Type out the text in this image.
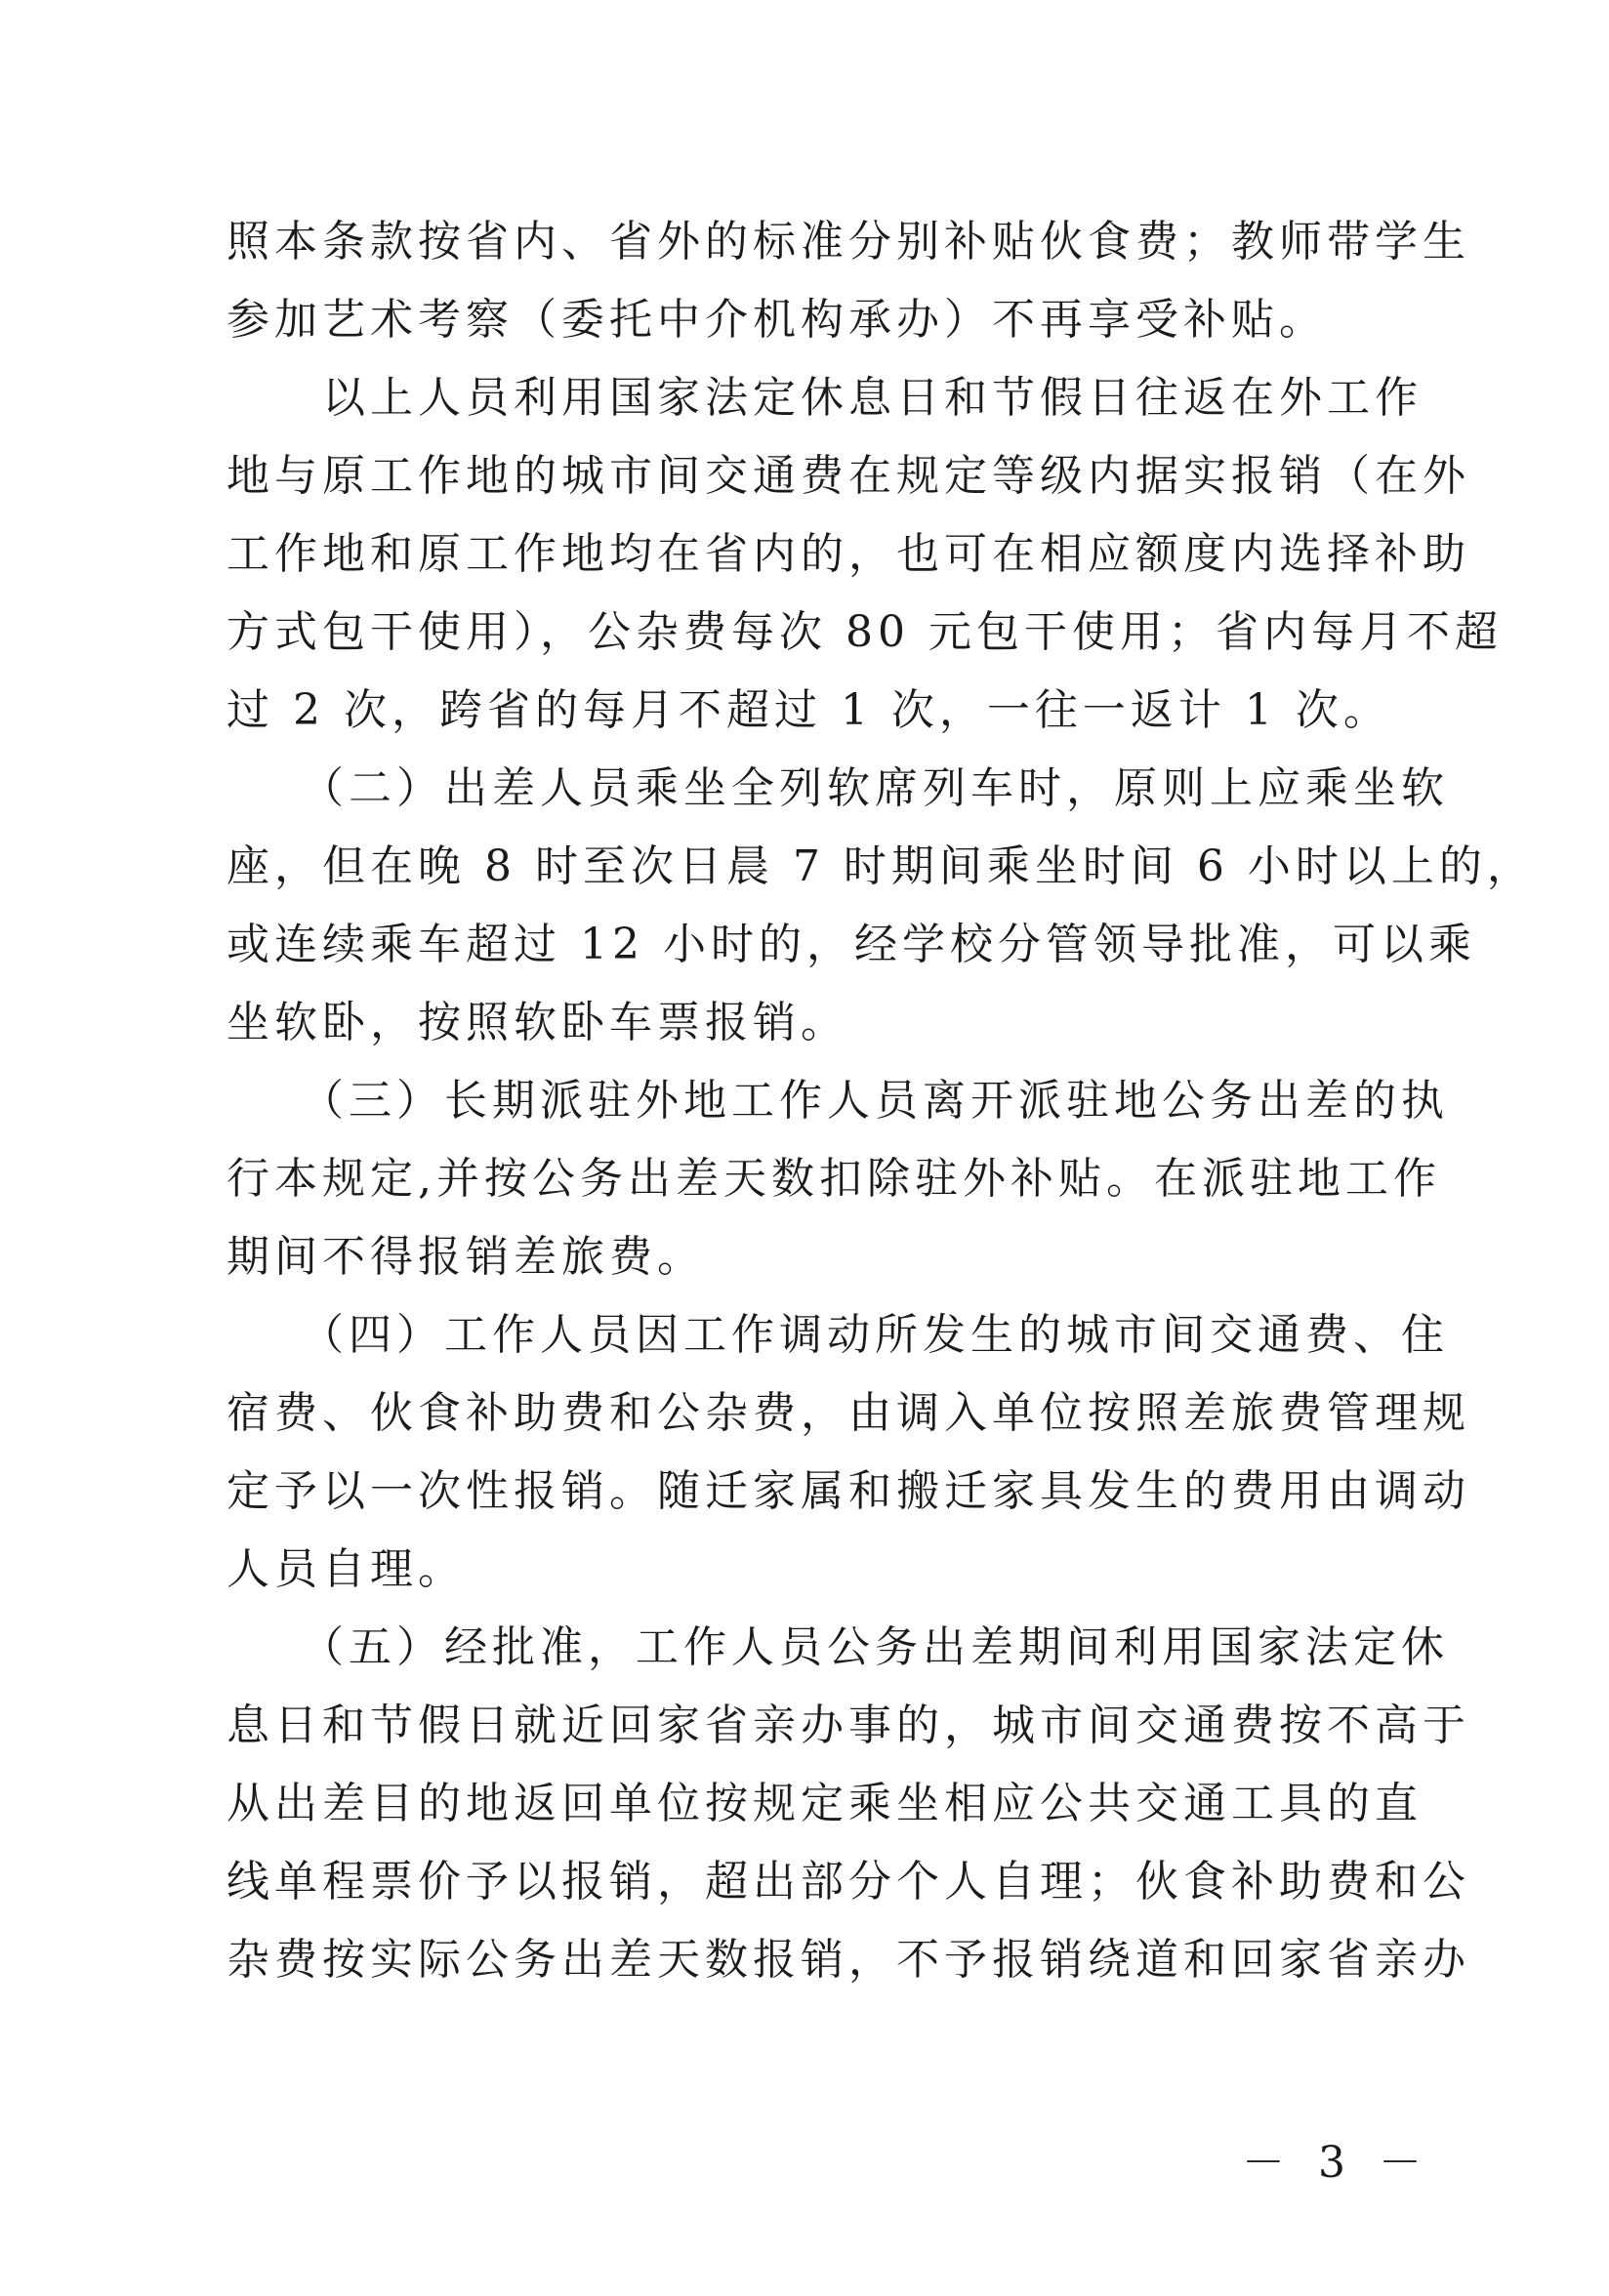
照本条款按省内、省外的标准分别补贴伙食费；教师带学生
参加艺术考察（委托中介机构承办）不再享受补贴。
　　以上人员利用国家法定休息日和节假日往返在外工作
地与原工作地的城市间交通费在规定等级内据实报销（在外
工作地和原工作地均在省内的，也可在相应额度内选择补助
方式包干使用），公杂费每次 80 元包干使用；省内每月不超
过 2 次，跨省的每月不超过 1 次，一往一返计 1 次。
　　（二）出差人员乘坐全列软席列车时，原则上应乘坐软
座，但在晚 8 时至次日晨 7 时期间乘坐时间 6 小时以上的，
或连续乘车超过 12 小时的，经学校分管领导批准，可以乘
坐软卧，按照软卧车票报销。
　　（三）长期派驻外地工作人员离开派驻地公务出差的执
行本规定,并按公务出差天数扣除驻外补贴。在派驻地工作
期间不得报销差旅费。
　　（四）工作人员因工作调动所发生的城市间交通费、住
宿费、伙食补助费和公杂费，由调入单位按照差旅费管理规
定予以一次性报销。随迁家属和搬迁家具发生的费用由调动
人员自理。
　　（五）经批准，工作人员公务出差期间利用国家法定休
息日和节假日就近回家省亲办事的，城市间交通费按不高于
从出差目的地返回单位按规定乘坐相应公共交通工具的直
线单程票价予以报销，超出部分个人自理；伙食补助费和公
杂费按实际公务出差天数报销，不予报销绕道和回家省亲办
－ 3 －
